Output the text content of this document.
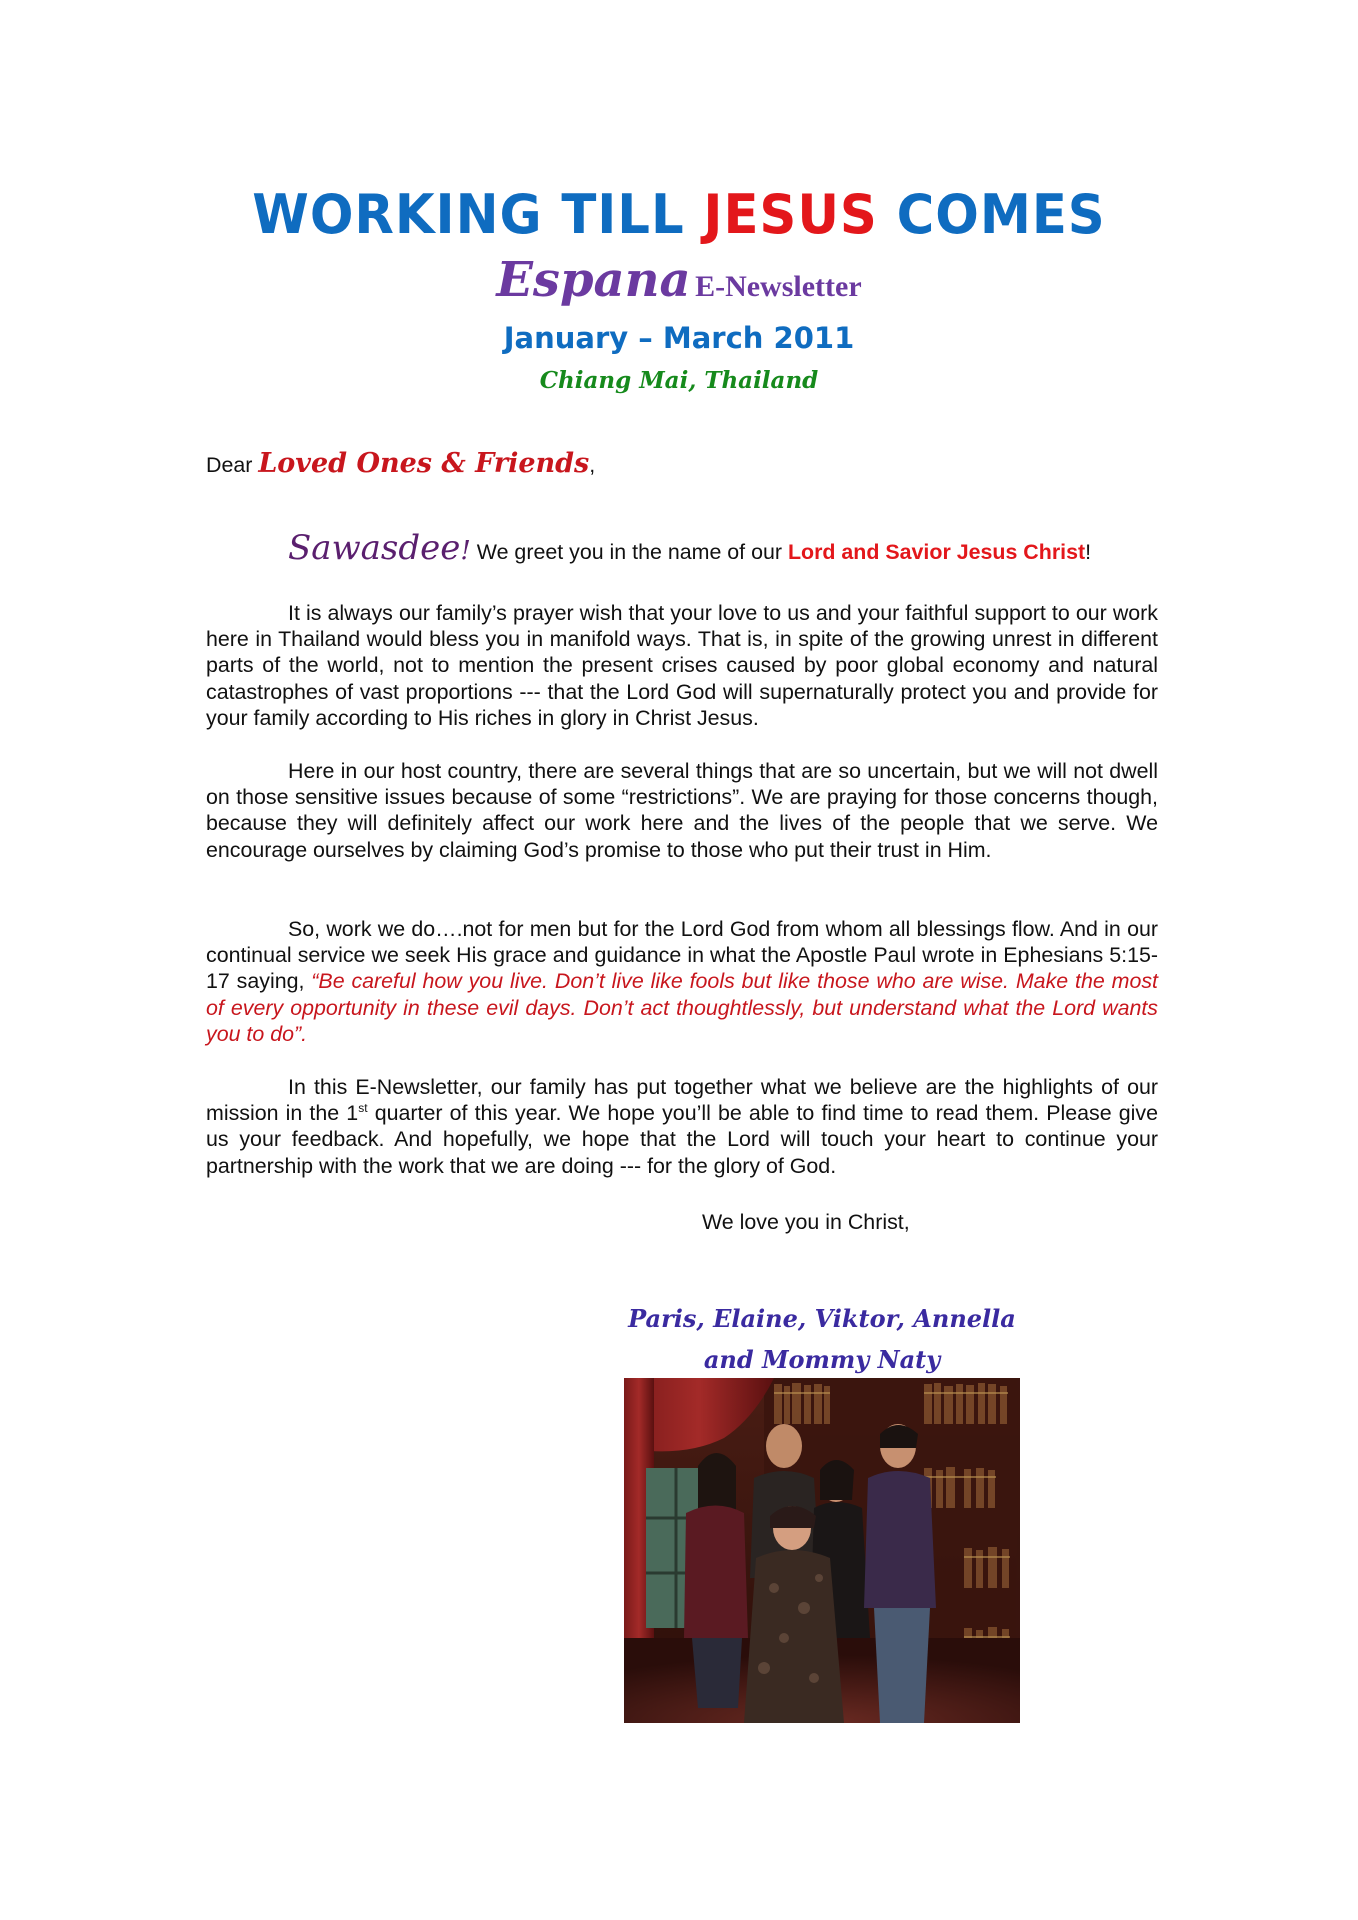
WORKING TILL JESUS COMES
Espana E-Newsletter
January – March 2011
Chiang Mai, Thailand
Dear Loved Ones & Friends,
Sawasdee! We greet you in the name of our Lord and Savior Jesus Christ!

It is always our family’s prayer wish that your love to us and your faithful support to our work here in Thailand would bless you in manifold ways. That is, in spite of the growing unrest in different parts of the world, not to mention the present crises caused by poor global economy and natural catastrophes of vast proportions --- that the Lord God will supernaturally protect you and provide for your family according to His riches in glory in Christ Jesus.

Here in our host country, there are several things that are so uncertain, but we will not dwell on those sensitive issues because of some “restrictions”. We are praying for those concerns though, because they will definitely affect our work here and the lives of the people that we serve. We encourage ourselves by claiming God’s promise to those who put their trust in Him.

So, work we do….not for men but for the Lord God from whom all blessings flow. And in our continual service we seek His grace and guidance in what the Apostle Paul wrote in Ephesians 5:15-17 saying, “Be careful how you live. Don’t live like fools but like those who are wise. Make the most of every opportunity in these evil days. Don’t act thoughtlessly, but understand what the Lord wants you to do”.

In this E-Newsletter, our family has put together what we believe are the highlights of our mission in the 1st quarter of this year. We hope you’ll be able to find time to read them. Please give us your feedback. And hopefully, we hope that the Lord will touch your heart to continue your partnership with the work that we are doing --- for the glory of God.

We love you in Christ,
Paris, Elaine, Viktor, Annella
and Mommy Naty
